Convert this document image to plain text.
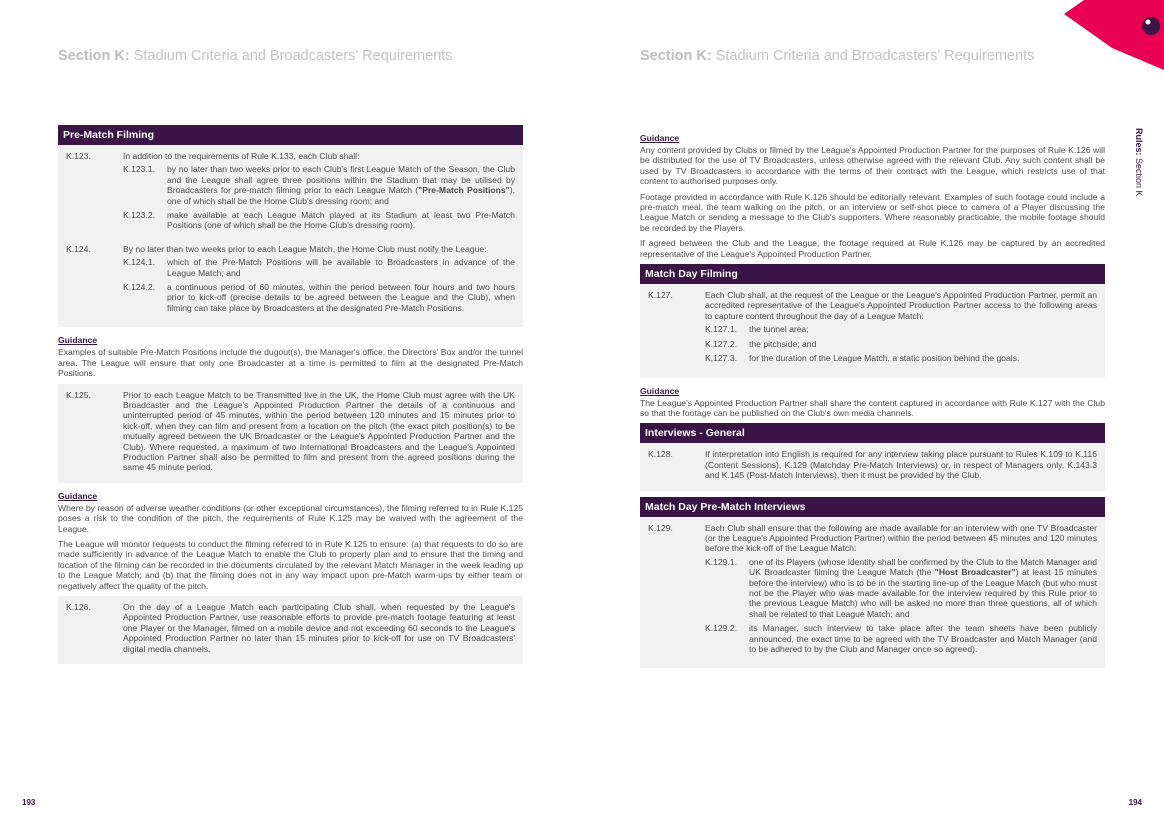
Section K: Stadium Criteria and Broadcasters' Requirements	Section K: Stadium Criteria and Broadcasters' Requirements
Rules: Section K
Pre-Match Filming
K.123.	In addition to the requirements of Rule K.133, each Club shall:
K.123.1.	by no later than two weeks prior to each Club's first League Match of the Season, the Club and the League shall agree three positions within the Stadium that may be utilised by Broadcasters for pre-match filming prior to each League Match ("Pre-Match Positions"), one of which shall be the Home Club's dressing room; and
K.123.2.	make available at each League Match played at its Stadium at least two Pre-Match Positions (one of which shall be the Home Club's dressing room).
K.124.	By no later than two weeks prior to each League Match, the Home Club must notify the League:
K.124.1.	which of the Pre-Match Positions will be available to Broadcasters in advance of the League Match; and
K.124.2.	a continuous period of 60 minutes, within the period between four hours and two hours prior to kick-off (precise details to be agreed between the League and the Club), when filming can take place by Broadcasters at the designated Pre-Match Positions.
Guidance
Examples of suitable Pre-Match Positions include the dugout(s), the Manager's office, the Directors' Box and/or the tunnel area. The League will ensure that only one Broadcaster at a time is permitted to film at the designated Pre-Match Positions.
K.125.	Prior to each League Match to be Transmitted live in the UK, the Home Club must agree with the UK Broadcaster and the League's Appointed Production Partner the details of a continuous and uninterrupted period of 45 minutes, within the period between 120 minutes and 15 minutes prior to kick-off, when they can film and present from a location on the pitch (the exact pitch position(s) to be mutually agreed between the UK Broadcaster or the League's Appointed Production Partner and the Club). Where requested, a maximum of two International Broadcasters and the League's Appointed Production Partner shall also be permitted to film and present from the agreed positions during the same 45 minute period.
Guidance
Where by reason of adverse weather conditions (or other exceptional circumstances), the filming referred to in Rule K.125 poses a risk to the condition of the pitch, the requirements of Rule K.125 may be waived with the agreement of the League.
The League will monitor requests to conduct the filming referred to in Rule K.125 to ensure: (a) that requests to do so are made sufficiently in advance of the League Match to enable the Club to properly plan and to ensure that the timing and location of the filming can be recorded in the documents circulated by the relevant Match Manager in the week leading up to the League Match; and (b) that the filming does not in any way impact upon pre-Match warm-ups by either team or negatively affect the quality of the pitch.
K.126.	On the day of a League Match each participating Club shall, when requested by the League's Appointed Production Partner, use reasonable efforts to provide pre-match footage featuring at least one Player or the Manager, filmed on a mobile device and not exceeding 60 seconds to the League's Appointed Production Partner no later than 15 minutes prior to kick-off for use on TV Broadcasters' digital media channels.
Guidance
Any content provided by Clubs or filmed by the League's Appointed Production Partner for the purposes of Rule K.126 will be distributed for the use of TV Broadcasters, unless otherwise agreed with the relevant Club. Any such content shall be used by TV Broadcasters in accordance with the terms of their contract with the League, which restricts use of that content to authorised purposes only.
Footage provided in accordance with Rule K.126 should be editorially relevant. Examples of such footage could include a pre-match meal, the team walking on the pitch, or an interview or self-shot piece to camera of a Player discussing the League Match or sending a message to the Club's supporters. Where reasonably practicable, the mobile footage should be recorded by the Players.
If agreed between the Club and the League, the footage required at Rule K.126 may be captured by an accredited representative of the League's Appointed Production Partner.
Match Day Filming
K.127.	Each Club shall, at the request of the League or the League's Appointed Production Partner, permit an accredited representative of the League's Appointed Production Partner access to the following areas to capture content throughout the day of a League Match:
K.127.1.	the tunnel area;
K.127.2.	the pitchside; and
K.127.3.	for the duration of the League Match, a static position behind the goals.
Guidance
The League's Appointed Production Partner shall share the content captured in accordance with Rule K.127 with the Club so that the footage can be published on the Club's own media channels.
Interviews - General
K.128.	If interpretation into English is required for any interview taking place pursuant to Rules K.109 to K.116 (Content Sessions), K.129 (Matchday Pre-Match Interviews) or, in respect of Managers only, K.143.3 and K.145 (Post-Match Interviews), then it must be provided by the Club.
Match Day Pre-Match Interviews
K.129.	Each Club shall ensure that the following are made available for an interview with one TV Broadcaster (or the League's Appointed Production Partner) within the period between 45 minutes and 120 minutes before the kick-off of the League Match:
K.129.1.	one of its Players (whose identity shall be confirmed by the Club to the Match Manager and UK Broadcaster filming the League Match (the "Host Broadcaster") at least 15 minutes before the interview) who is to be in the starting line-up of the League Match (but who must not be the Player who was made available for the interview required by this Rule prior to the previous League Match) who will be asked no more than three questions, all of which shall be related to that League Match; and
K.129.2.	its Manager, such interview to take place after the team sheets have been publicly announced, the exact time to be agreed with the TV Broadcaster and Match Manager (and to be adhered to by the Club and Manager once so agreed).
193	194
